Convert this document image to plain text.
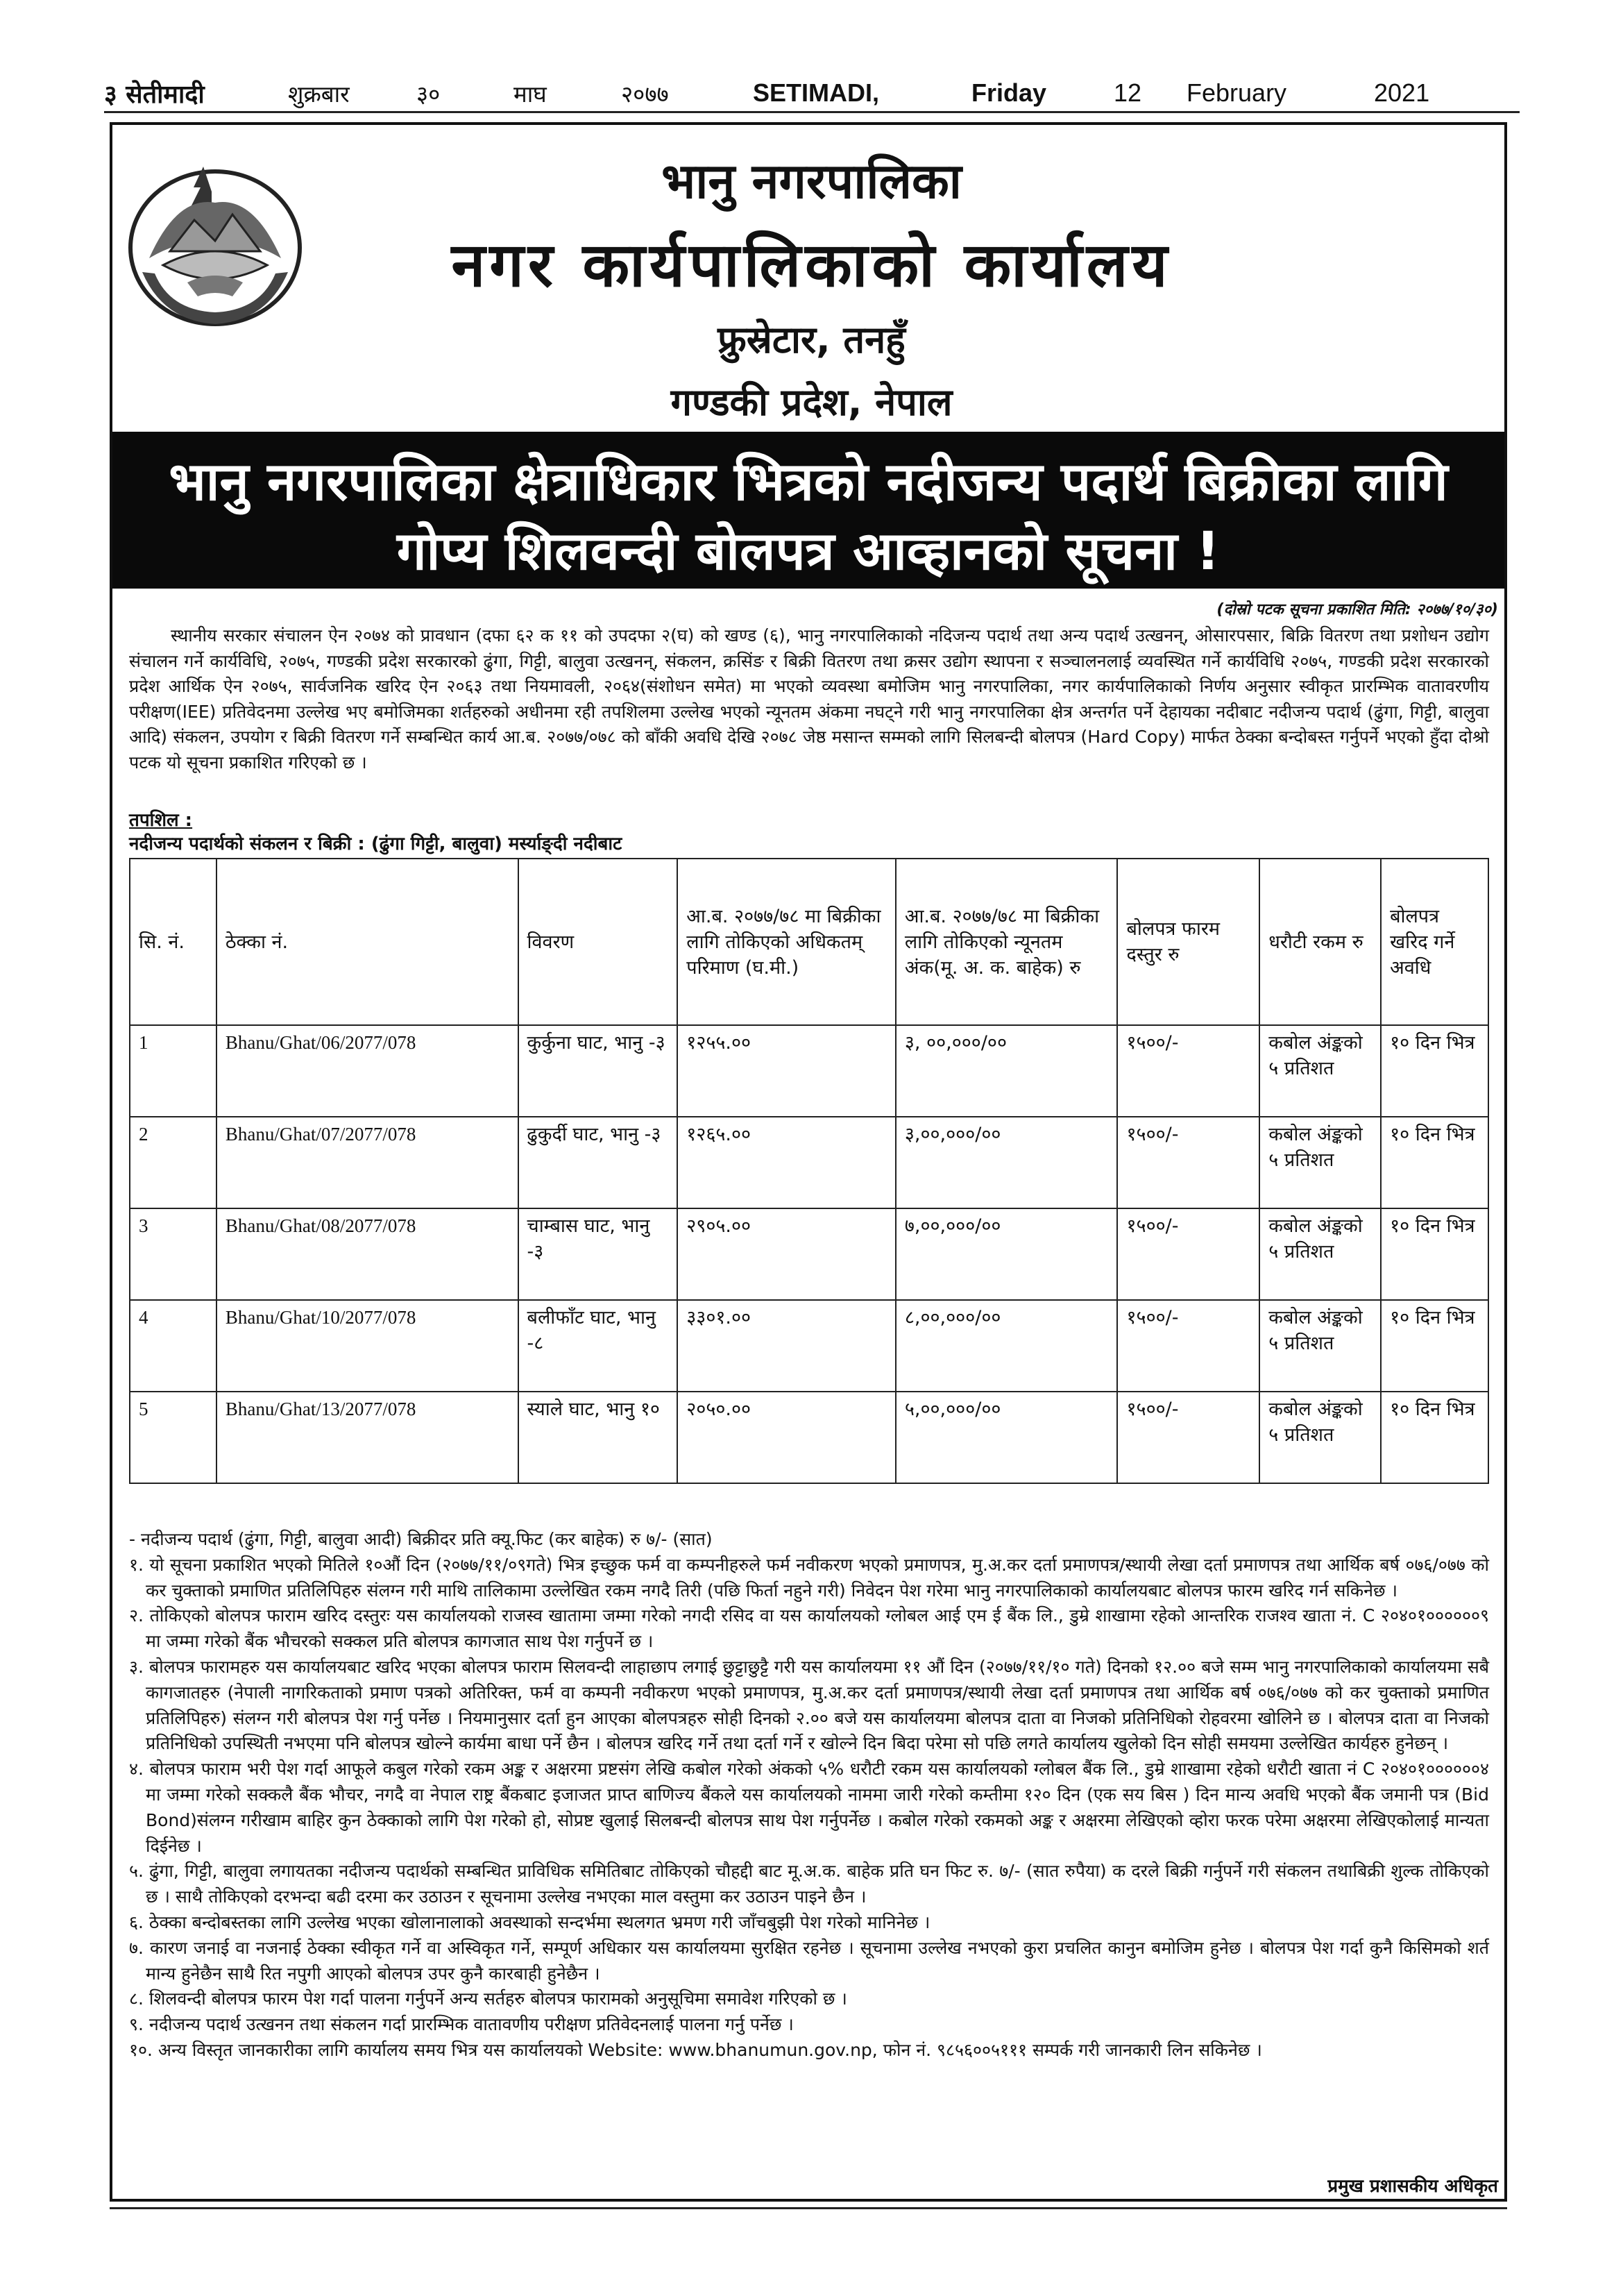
३ सेतीमादी	शुक्रबार	३०	माघ	२०७७	SETIMADI,	Friday	12 February	2021
भानु नगरपालिका
नगर कार्यपालिकाको कार्यालय
फ्रुस्रेटार, तनहुँ
गण्डकी प्रदेश, नेपाल
भानु नगरपालिका क्षेत्राधिकार भित्रको नदीजन्य पदार्थ बिक्रीका लागि
गोप्य शिलवन्दी बोलपत्र आव्हानको सूचना !
(दोस्रो पटक सूचना प्रकाशित मिति: २०७७/१०/३०)
स्थानीय सरकार संचालन ऐन २०७४ को प्रावधान (दफा ६२ क ११ को उपदफा २(घ) को खण्ड (६), भानु नगरपालिकाको नदिजन्य पदार्थ तथा अन्य पदार्थ उत्खनन्, ओसारपसार, बिक्रि वितरण तथा प्रशोधन उद्योग संचालन गर्ने कार्यविधि, २०७५, गण्डकी प्रदेश सरकारको ढुंगा, गिट्टी, बालुवा उत्खनन्, संकलन, क्रसिंङ र बिक्री वितरण तथा क्रसर उद्योग स्थापना र सञ्चालनलाई व्यवस्थित गर्ने कार्यविधि २०७५, गण्डकी प्रदेश सरकारको प्रदेश आर्थिक ऐन २०७५, सार्वजनिक खरिद ऐन २०६३ तथा नियमावली, २०६४(संशोधन समेत) मा भएको व्यवस्था बमोजिम भानु नगरपालिका, नगर कार्यपालिकाको निर्णय अनुसार स्वीकृत प्रारम्भिक वातावरणीय परीक्षण(IEE) प्रतिवेदनमा उल्लेख भए बमोजिमका शर्तहरुको अधीनमा रही तपशिलमा उल्लेख भएको न्यूनतम अंकमा नघट्ने गरी भानु नगरपालिका क्षेत्र अन्तर्गत पर्ने देहायका नदीबाट नदीजन्य पदार्थ (ढुंगा, गिट्टी, बालुवा आदि) संकलन, उपयोग र बिक्री वितरण गर्ने सम्बन्धित कार्य आ.ब. २०७७/०७८ को बाँकी अवधि देखि २०७८ जेष्ठ मसान्त सम्मको लागि सिलबन्दी बोलपत्र (Hard Copy) मार्फत ठेक्का बन्दोबस्त गर्नुपर्ने भएको हुँदा दोश्रो पटक यो सूचना प्रकाशित गरिएको छ ।
तपशिल :
नदीजन्य पदार्थको संकलन र बिक्री : (ढुंगा गिट्टी, बालुवा) मर्स्याङ्दी नदीबाट
सि. नं.	ठेक्का नं.	विवरण	आ.ब. २०७७/७८ मा बिक्रीका लागि तोकिएको अधिकतम् परिमाण (घ.मी.)	आ.ब. २०७७/७८ मा बिक्रीका लागि तोकिएको न्यूनतम अंक(मू. अ. क. बाहेक) रु	बोलपत्र फारम दस्तुर रु	धरौटी रकम रु	बोलपत्र खरिद गर्ने अवधि
1	Bhanu/Ghat/06/2077/078	कुर्कुना घाट, भानु -३	१२५५.००	३, ००,०००/००	१५००/-	कबोल अंङ्कको ५ प्रतिशत	१० दिन भित्र
2	Bhanu/Ghat/07/2077/078	ढुकुर्दी घाट, भानु -३	१२६५.००	३,००,०००/००	१५००/-	कबोल अंङ्कको ५ प्रतिशत	१० दिन भित्र
3	Bhanu/Ghat/08/2077/078	चाम्बास घाट, भानु -३	२९०५.००	७,००,०००/००	१५००/-	कबोल अंङ्कको ५ प्रतिशत	१० दिन भित्र
4	Bhanu/Ghat/10/2077/078	बलीफाँट घाट, भानु -८	३३०१.००	८,००,०००/००	१५००/-	कबोल अंङ्कको ५ प्रतिशत	१० दिन भित्र
5	Bhanu/Ghat/13/2077/078	स्याले घाट, भानु १०	२०५०.००	५,००,०००/००	१५००/-	कबोल अंङ्कको ५ प्रतिशत	१० दिन भित्र

- नदीजन्य पदार्थ (ढुंगा, गिट्टी, बालुवा आदी) बिक्रीदर प्रति क्यू.फिट (कर बाहेक) रु ७/- (सात)

१. यो सूचना प्रकाशित भएको मितिले १०औं दिन (२०७७/११/०९गते) भित्र इच्छुक फर्म वा कम्पनीहरुले फर्म नवीकरण भएको प्रमाणपत्र, मु.अ.कर दर्ता प्रमाणपत्र/स्थायी लेखा दर्ता प्रमाणपत्र तथा आर्थिक बर्ष ०७६/०७७ को कर चुक्ताको प्रमाणित प्रतिलिपिहरु संलग्न गरी माथि तालिकामा उल्लेखित रकम नगदै तिरी (पछि फिर्ता नहुने गरी) निवेदन पेश गरेमा भानु नगरपालिकाको कार्यालयबाट बोलपत्र फारम खरिद गर्न सकिनेछ ।

२. तोकिएको बोलपत्र फाराम खरिद दस्तुरः यस कार्यालयको राजस्व खातामा जम्मा गरेको नगदी रसिद वा यस कार्यालयको ग्लोबल आई एम ई बैंक लि., डुम्रे शाखामा रहेको आन्तरिक राजश्व खाता नं. C २०४०१००००००९ मा जम्मा गरेको बैंक भौचरको सक्कल प्रति बोलपत्र कागजात साथ पेश गर्नुपर्ने छ ।

३. बोलपत्र फारामहरु यस कार्यालयबाट खरिद भएका बोलपत्र फाराम सिलवन्दी लाहाछाप लगाई छुट्टाछुट्टै गरी यस कार्यालयमा ११ औं दिन (२०७७/११/१० गते) दिनको १२.०० बजे सम्म भानु नगरपालिकाको कार्यालयमा सबै कागजातहरु (नेपाली नागरिकताको प्रमाण पत्रको अतिरिक्त, फर्म वा कम्पनी नवीकरण भएको प्रमाणपत्र, मु.अ.कर दर्ता प्रमाणपत्र/स्थायी लेखा दर्ता प्रमाणपत्र तथा आर्थिक बर्ष ०७६/०७७ को कर चुक्ताको प्रमाणित प्रतिलिपिहरु) संलग्न गरी बोलपत्र पेश गर्नु पर्नेछ । नियमानुसार दर्ता हुन आएका बोलपत्रहरु सोही दिनको २.०० बजे यस कार्यालयमा बोलपत्र दाता वा निजको प्रतिनिधिको रोहवरमा खोलिने छ । बोलपत्र दाता वा निजको प्रतिनिधिको उपस्थिती नभएमा पनि बोलपत्र खोल्ने कार्यमा बाधा पर्ने छैन । बोलपत्र खरिद गर्ने तथा दर्ता गर्ने र खोल्ने दिन बिदा परेमा सो पछि लगते कार्यालय खुलेको दिन सोही समयमा उल्लेखित कार्यहरु हुनेछन् ।

४. बोलपत्र फाराम भरी पेश गर्दा आफूले कबुल गरेको रकम अङ्क र अक्षरमा प्रष्टसंग लेखि कबोल गरेको अंकको ५% धरौटी रकम यस कार्यालयको ग्लोबल बैंक लि., डुम्रे शाखामा रहेको धरौटी खाता नं C २०४०१००००००४ मा जम्मा गरेको सक्कलै बैंक भौचर, नगदै वा नेपाल राष्ट्र बैंकबाट इजाजत प्राप्त बाणिज्य बैंकले यस कार्यालयको नाममा जारी गरेको कम्तीमा १२० दिन (एक सय बिस ) दिन मान्य अवधि भएको बैंक जमानी पत्र (Bid Bond)संलग्न गरीखाम बाहिर कुन ठेक्काको लागि पेश गरेको हो, सोप्रष्ट खुलाई सिलबन्दी बोलपत्र साथ पेश गर्नुपर्नेछ । कबोल गरेको रकमको अङ्क र अक्षरमा लेखिएको व्होरा फरक परेमा अक्षरमा लेखिएकोलाई मान्यता दिईनेछ ।

५. ढुंगा, गिट्टी, बालुवा लगायतका नदीजन्य पदार्थको सम्बन्धित प्राविधिक समितिबाट तोकिएको चौहद्दी बाट मू.अ.क. बाहेक प्रति घन फिट रु. ७/- (सात रुपैया) क दरले बिक्री गर्नुपर्ने गरी संकलन तथाबिक्री शुल्क तोकिएको छ । साथै तोकिएको दरभन्दा बढी दरमा कर उठाउन र सूचनामा उल्लेख नभएका माल वस्तुमा कर उठाउन पाइने छैन ।

६. ठेक्का बन्दोबस्तका लागि उल्लेख भएका खोलानालाको अवस्थाको सन्दर्भमा स्थलगत भ्रमण गरी जाँचबुझी पेश गरेको मानिनेछ ।

७. कारण जनाई वा नजनाई ठेक्का स्वीकृत गर्ने वा अस्विकृत गर्ने, सम्पूर्ण अधिकार यस कार्यालयमा सुरक्षित रहनेछ । सूचनामा उल्लेख नभएको कुरा प्रचलित कानुन बमोजिम हुनेछ । बोलपत्र पेश गर्दा कुनै किसिमको शर्त मान्य हुनेछैन साथै रित नपुगी आएको बोलपत्र उपर कुनै कारबाही हुनेछैन ।

८. शिलवन्दी बोलपत्र फारम पेश गर्दा पालना गर्नुपर्ने अन्य सर्तहरु बोलपत्र फारामको अनुसूचिमा समावेश गरिएको छ ।

९. नदीजन्य पदार्थ उत्खनन तथा संकलन गर्दा प्रारम्भिक वातावणीय परीक्षण प्रतिवेदनलाई पालना गर्नु पर्नेछ ।

१०. अन्य विस्तृत जानकारीका लागि कार्यालय समय भित्र यस कार्यालयको Website: www.bhanumun.gov.np, फोन नं. ९८५६००५१११ सम्पर्क गरी जानकारी लिन सकिनेछ ।

प्रमुख प्रशासकीय अधिकृत
